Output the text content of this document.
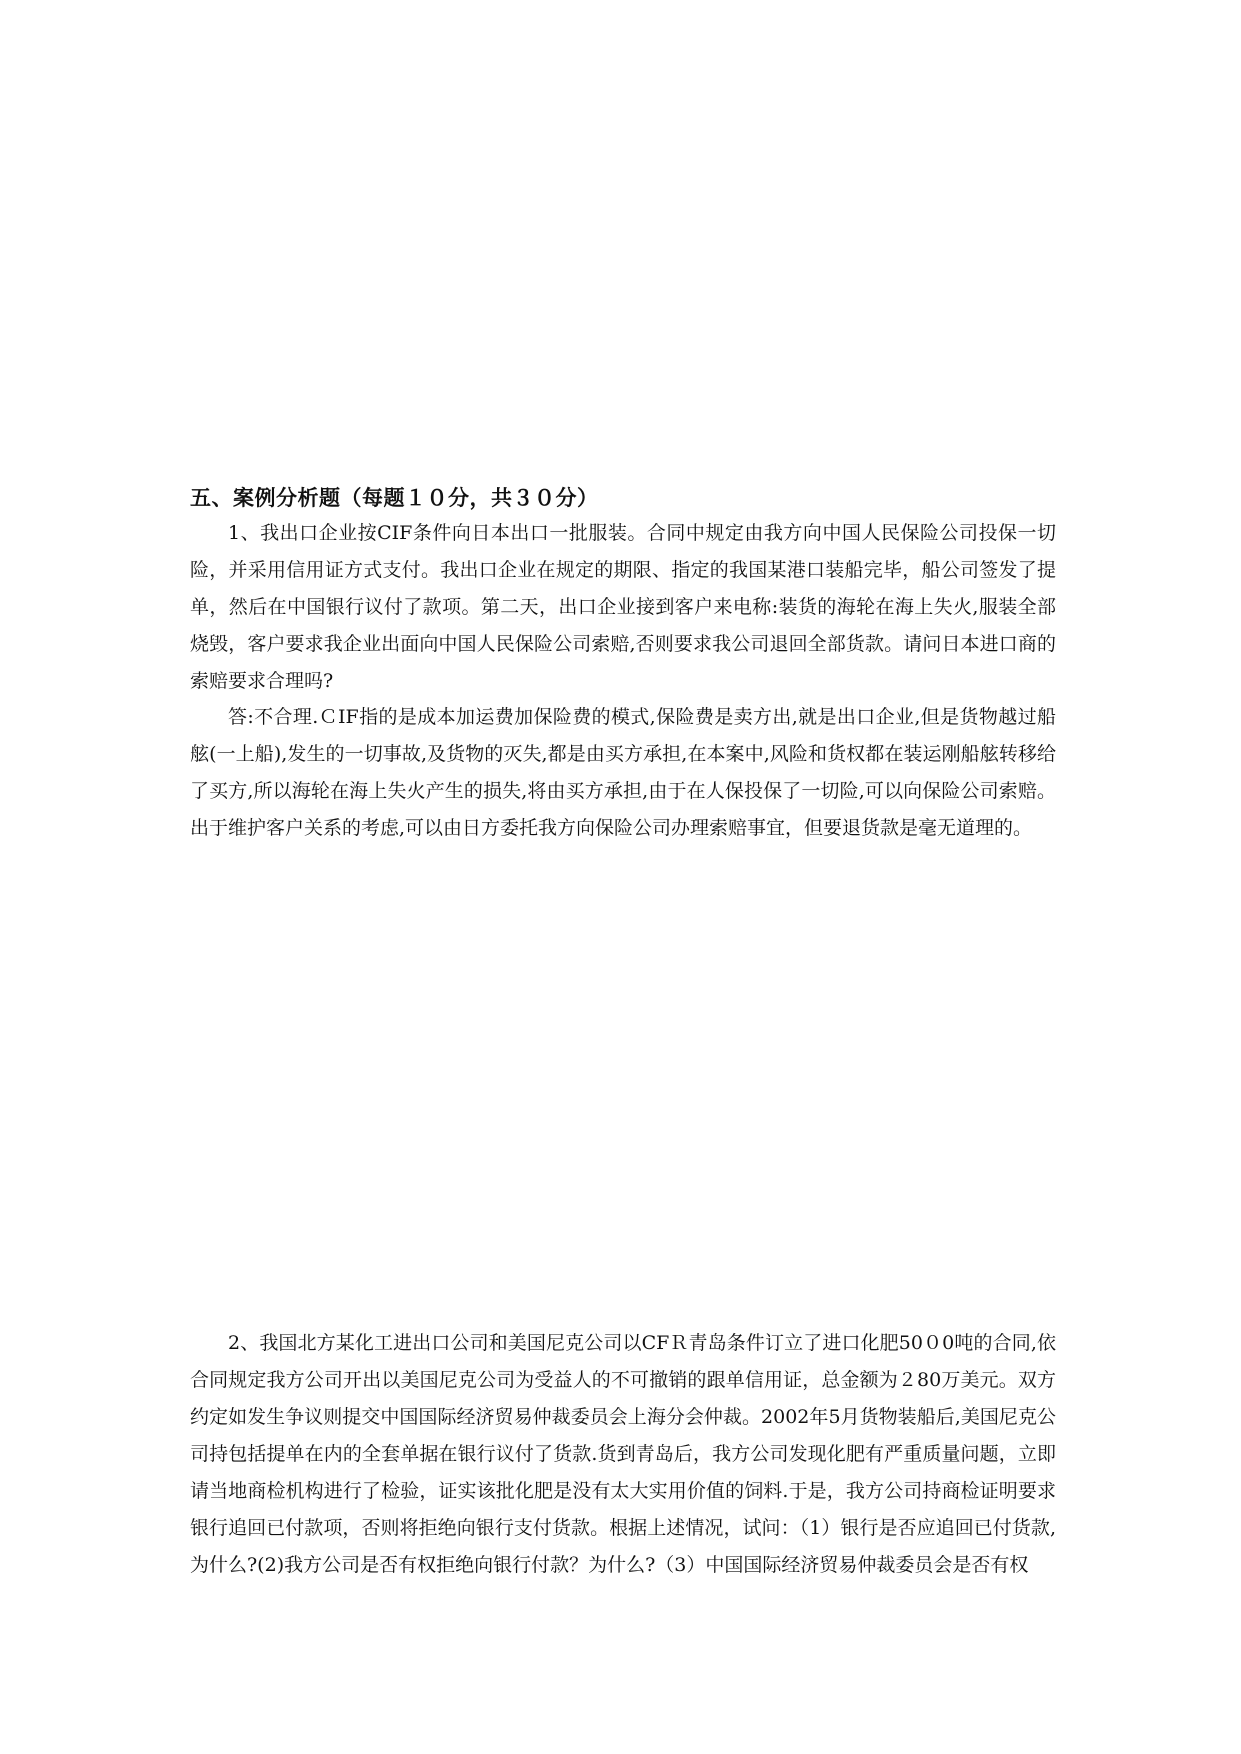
五、案例分析题（每题１０分，共３０分）

1、我出口企业按CIF条件向日本出口一批服装。合同中规定由我方向中国人民保险公司投保一切险，并采用信用证方式支付。我出口企业在规定的期限、指定的我国某港口装船完毕，船公司签发了提单，然后在中国银行议付了款项。第二天，出口企业接到客户来电称:装货的海轮在海上失火,服装全部烧毁，客户要求我企业出面向中国人民保险公司索赔,否则要求我公司退回全部货款。请问日本进口商的索赔要求合理吗?

答:不合理.ＣIF指的是成本加运费加保险费的模式,保险费是卖方出,就是出口企业,但是货物越过船舷(一上船),发生的一切事故,及货物的灭失,都是由买方承担,在本案中,风险和货权都在装运刚船舷转移给了买方,所以海轮在海上失火产生的损失,将由买方承担,由于在人保投保了一切险,可以向保险公司索赔。出于维护客户关系的考虑,可以由日方委托我方向保险公司办理索赔事宜，但要退货款是毫无道理的。

2、我国北方某化工进出口公司和美国尼克公司以CFＲ青岛条件订立了进口化肥50０0吨的合同,依合同规定我方公司开出以美国尼克公司为受益人的不可撤销的跟单信用证，总金额为２80万美元。双方约定如发生争议则提交中国国际经济贸易仲裁委员会上海分会仲裁。2002年5月货物装船后,美国尼克公司持包括提单在内的全套单据在银行议付了货款.货到青岛后，我方公司发现化肥有严重质量问题，立即请当地商检机构进行了检验，证实该批化肥是没有太大实用价值的饲料.于是，我方公司持商检证明要求银行追回已付款项，否则将拒绝向银行支付货款。根据上述情况，试问：（1）银行是否应追回已付货款,为什么?(2)我方公司是否有权拒绝向银行付款？为什么?（3）中国国际经济贸易仲裁委员会是否有权
